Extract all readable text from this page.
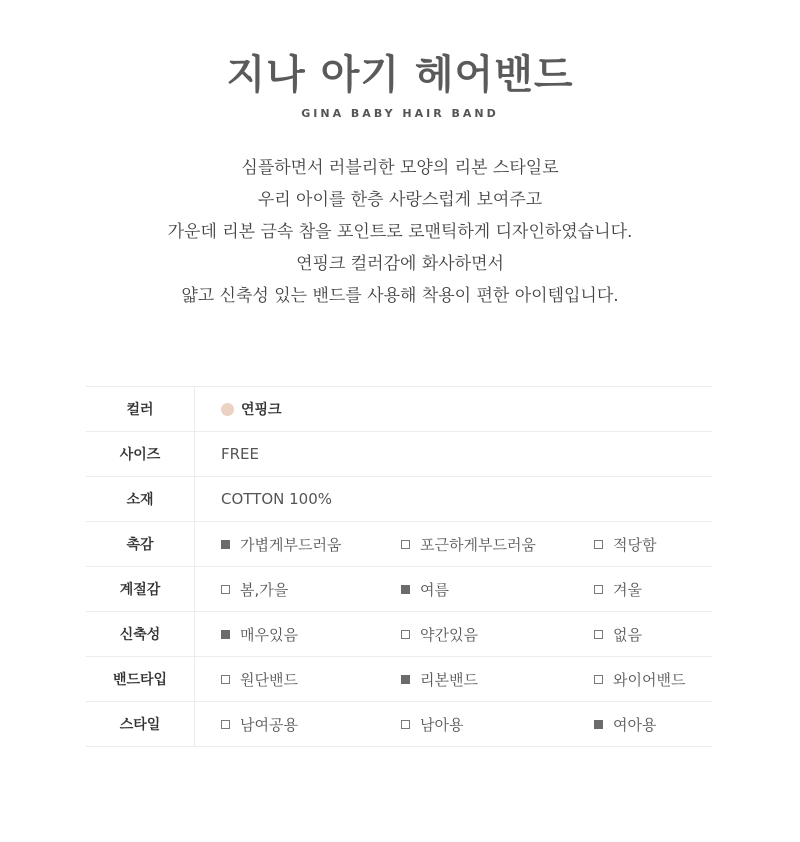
지나 아기 헤어밴드
GINA BABY HAIR BAND
심플하면서 러블리한 모양의 리본 스타일로
우리 아이를 한층 사랑스럽게 보여주고
가운데 리본 금속 참을 포인트로 로맨틱하게 디자인하였습니다.
연핑크 컬러감에 화사하면서
얇고 신축성 있는 밴드를 사용해 착용이 편한 아이템입니다.
컬러	연핑크
사이즈	FREE
소재	COTTON 100%
촉감	가볍게부드러움	포근하게부드러움	적당함
계절감	봄,가을	여름	겨울
신축성	매우있음	약간있음	없음
밴드타입	원단밴드	리본밴드	와이어밴드
스타일	남여공용	남아용	여아용
